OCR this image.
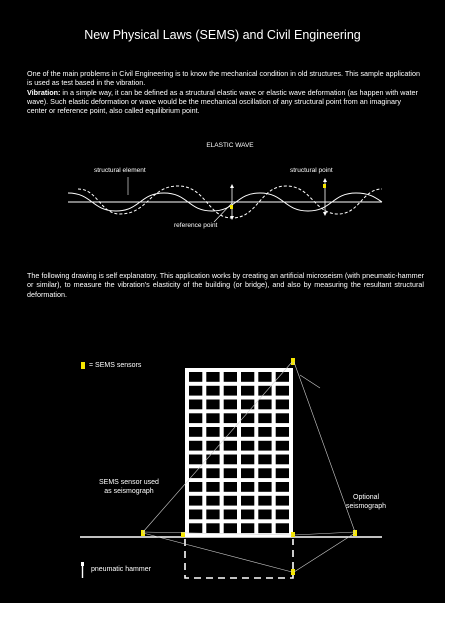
New Physical Laws (SEMS) and Civil Engineering
One of the main problems in Civil Engineering is to know the mechanical condition in old structures. This sample application is used as test based in the vibration.
Vibration: in a simple way, it can be defined as a structural elastic wave or elastic wave deformation (as happen with water wave). Such elastic deformation or wave would be the mechanical oscillation of any structural point from an imaginary center or reference point, also called equilibrium point.
ELASTIC WAVE
structural element	structural point
reference point
The following drawing is self explanatory. This application works by creating an artificial microseism (with pneumatic-hammer or similar), to measure the vibration's elasticity of the building (or bridge), and also by measuring the resultant structural deformation.
= SEMS sensors
SEMS sensor used
as seismograph
Optional
seismograph
pneumatic hammer
